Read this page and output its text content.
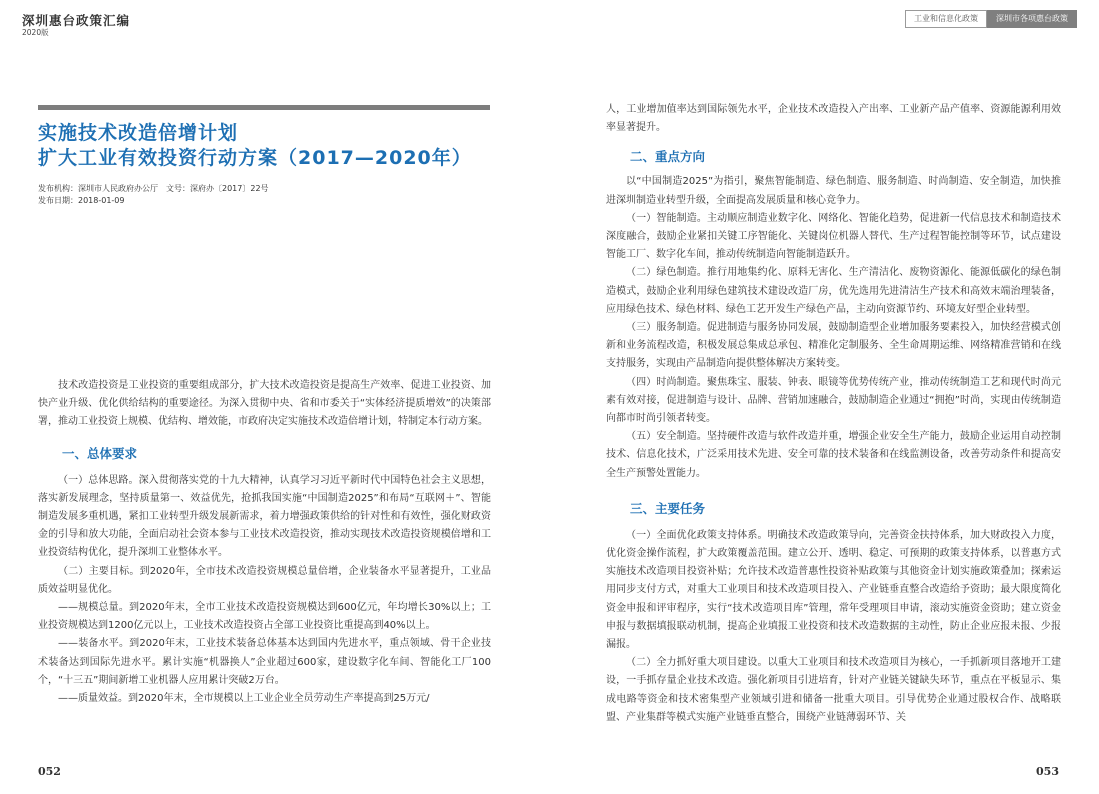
深圳惠台政策汇编
2020版
工业和信息化政策	深圳市各项惠台政策
实施技术改造倍增计划
扩大工业有效投资行动方案（2017—2020年）
发布机构：深圳市人民政府办公厅　文号：深府办〔2017〕22号
发布日期：2018-01-09

技术改造投资是工业投资的重要组成部分，扩大技术改造投资是提高生产效率、促进工业投资、加快产业升级、优化供给结构的重要途径。为深入贯彻中央、省和市委关于“实体经济提质增效”的决策部署，推动工业投资上规模、优结构、增效能，市政府决定实施技术改造倍增计划，特制定本行动方案。

一、总体要求

（一）总体思路。深入贯彻落实党的十九大精神，认真学习习近平新时代中国特色社会主义思想，落实新发展理念，坚持质量第一、效益优先，抢抓我国实施“中国制造2025”和布局“互联网＋”、智能制造发展多重机遇，紧扣工业转型升级发展新需求，着力增强政策供给的针对性和有效性，强化财政资金的引导和放大功能，全面启动社会资本参与工业技术改造投资，推动实现技术改造投资规模倍增和工业投资结构优化，提升深圳工业整体水平。

（二）主要目标。到2020年，全市技术改造投资规模总量倍增，企业装备水平显著提升，工业品质效益明显优化。

——规模总量。到2020年末，全市工业技术改造投资规模达到600亿元，年均增长30%以上；工业投资规模达到1200亿元以上，工业技术改造投资占全部工业投资比重提高到40%以上。

——装备水平。到2020年末，工业技术装备总体基本达到国内先进水平，重点领域、骨干企业技术装备达到国际先进水平。累计实施“机器换人”企业超过600家，建设数字化车间、智能化工厂100个，“十三五”期间新增工业机器人应用累计突破2万台。

——质量效益。到2020年末，全市规模以上工业企业全员劳动生产率提高到25万元/

人，工业增加值率达到国际领先水平，企业技术改造投入产出率、工业新产品产值率、资源能源利用效率显著提升。

二、重点方向

以“中国制造2025”为指引，聚焦智能制造、绿色制造、服务制造、时尚制造、安全制造，加快推进深圳制造业转型升级，全面提高发展质量和核心竞争力。

（一）智能制造。主动顺应制造业数字化、网络化、智能化趋势，促进新一代信息技术和制造技术深度融合，鼓励企业紧扣关键工序智能化、关键岗位机器人替代、生产过程智能控制等环节，试点建设智能工厂、数字化车间，推动传统制造向智能制造跃升。

（二）绿色制造。推行用地集约化、原料无害化、生产清洁化、废物资源化、能源低碳化的绿色制造模式，鼓励企业利用绿色建筑技术建设改造厂房，优先选用先进清洁生产技术和高效末端治理装备，应用绿色技术、绿色材料、绿色工艺开发生产绿色产品，主动向资源节约、环境友好型企业转型。

（三）服务制造。促进制造与服务协同发展，鼓励制造型企业增加服务要素投入，加快经营模式创新和业务流程改造，积极发展总集成总承包、精准化定制服务、全生命周期运维、网络精准营销和在线支持服务，实现由产品制造向提供整体解决方案转变。

（四）时尚制造。聚焦珠宝、服装、钟表、眼镜等优势传统产业，推动传统制造工艺和现代时尚元素有效对接，促进制造与设计、品牌、营销加速融合，鼓励制造企业通过“拥抱”时尚，实现由传统制造向都市时尚引领者转变。

（五）安全制造。坚持硬件改造与软件改造并重，增强企业安全生产能力，鼓励企业运用自动控制技术、信息化技术，广泛采用技术先进、安全可靠的技术装备和在线监测设备，改善劳动条件和提高安全生产预警处置能力。

三、主要任务

（一）全面优化政策支持体系。明确技术改造政策导向，完善资金扶持体系，加大财政投入力度，优化资金操作流程，扩大政策覆盖范围。建立公开、透明、稳定、可预期的政策支持体系，以普惠方式实施技术改造项目投资补贴；允许技术改造普惠性投资补贴政策与其他资金计划实施政策叠加；探索运用同步支付方式，对重大工业项目和技术改造项目投入、产业链垂直整合改造给予资助；最大限度简化资金申报和评审程序，实行“技术改造项目库”管理，常年受理项目申请，滚动实施资金资助；建立资金申报与数据填报联动机制，提高企业填报工业投资和技术改造数据的主动性，防止企业应报未报、少报漏报。

（二）全力抓好重大项目建设。以重大工业项目和技术改造项目为核心，一手抓新项目落地开工建设，一手抓存量企业技术改造。强化新项目引进培育，针对产业链关键缺失环节，重点在平板显示、集成电路等资金和技术密集型产业领域引进和储备一批重大项目。引导优势企业通过股权合作、战略联盟、产业集群等模式实施产业链垂直整合，围绕产业链薄弱环节、关

052	053
